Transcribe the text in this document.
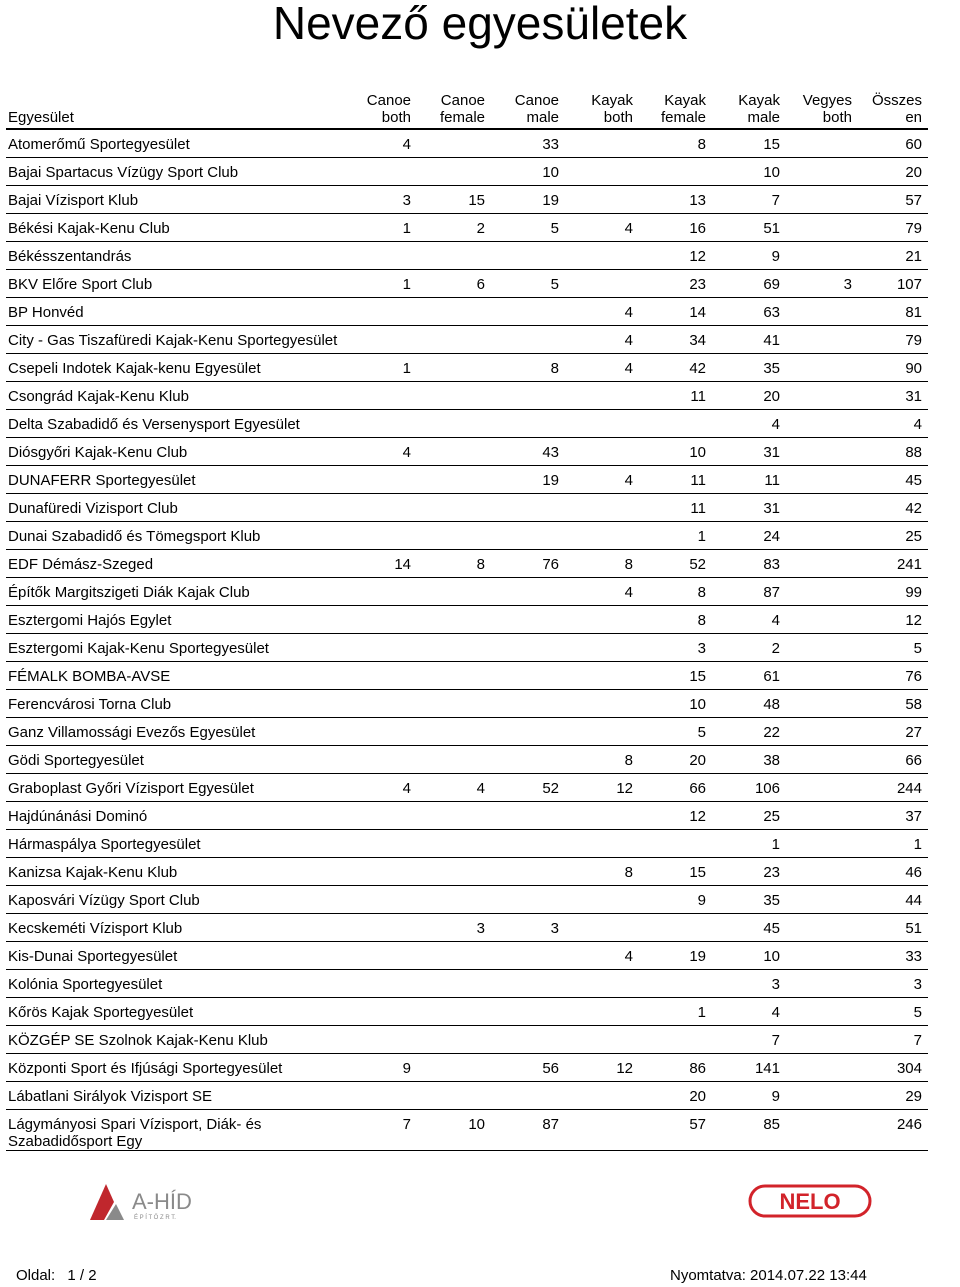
Nevező egyesületek
Egyesület	Canoe both	Canoe female	Canoe male	Kayak both	Kayak female	Kayak male	Vegyes both	Összes en
Atomerőmű Sportegyesület	4		33		8	15		60
Bajai Spartacus Vízügy Sport Club			10			10		20
Bajai Vízisport Klub	3	15	19		13	7		57
Békési Kajak-Kenu Club	1	2	5	4	16	51		79
Békésszentandrás					12	9		21
BKV Előre Sport Club	1	6	5		23	69	3	107
BP Honvéd				4	14	63		81
City - Gas Tiszafüredi Kajak-Kenu Sportegyesület				4	34	41		79
Csepeli Indotek Kajak-kenu Egyesület	1		8	4	42	35		90
Csongrád Kajak-Kenu Klub					11	20		31
Delta Szabadidő és Versenysport Egyesület						4		4
Diósgyőri Kajak-Kenu Club	4		43		10	31		88
DUNAFERR Sportegyesület			19	4	11	11		45
Dunafüredi Vizisport Club					11	31		42
Dunai Szabadidő és Tömegsport Klub					1	24		25
EDF Démász-Szeged	14	8	76	8	52	83		241
Építők Margitszigeti Diák Kajak Club				4	8	87		99
Esztergomi Hajós Egylet					8	4		12
Esztergomi Kajak-Kenu Sportegyesület					3	2		5
FÉMALK BOMBA-AVSE					15	61		76
Ferencvárosi Torna Club					10	48		58
Ganz Villamossági Evezős Egyesület					5	22		27
Gödi Sportegyesület				8	20	38		66
Graboplast Győri Vízisport Egyesület	4	4	52	12	66	106		244
Hajdúnánási Dominó					12	25		37
Hármaspálya Sportegyesület						1		1
Kanizsa Kajak-Kenu Klub				8	15	23		46
Kaposvári Vízügy Sport Club					9	35		44
Kecskeméti Vízisport Klub		3	3			45		51
Kis-Dunai Sportegyesület				4	19	10		33
Kolónia Sportegyesület						3		3
Kőrös Kajak Sportegyesület					1	4		5
KÖZGÉP SE Szolnok Kajak-Kenu Klub						7		7
Központi Sport és Ifjúsági Sportegyesület	9		56	12	86	141		304
Lábatlani Sirályok Vizisport SE					20	9		29
Lágymányosi Spari Vízisport, Diák- és Szabadidősport Egy	7	10	87		57	85		246
A-HÍD
É P Í T Ő Z R T.
NELO
Oldal: 1 / 2	Nyomtatva: 2014.07.22 13:44
